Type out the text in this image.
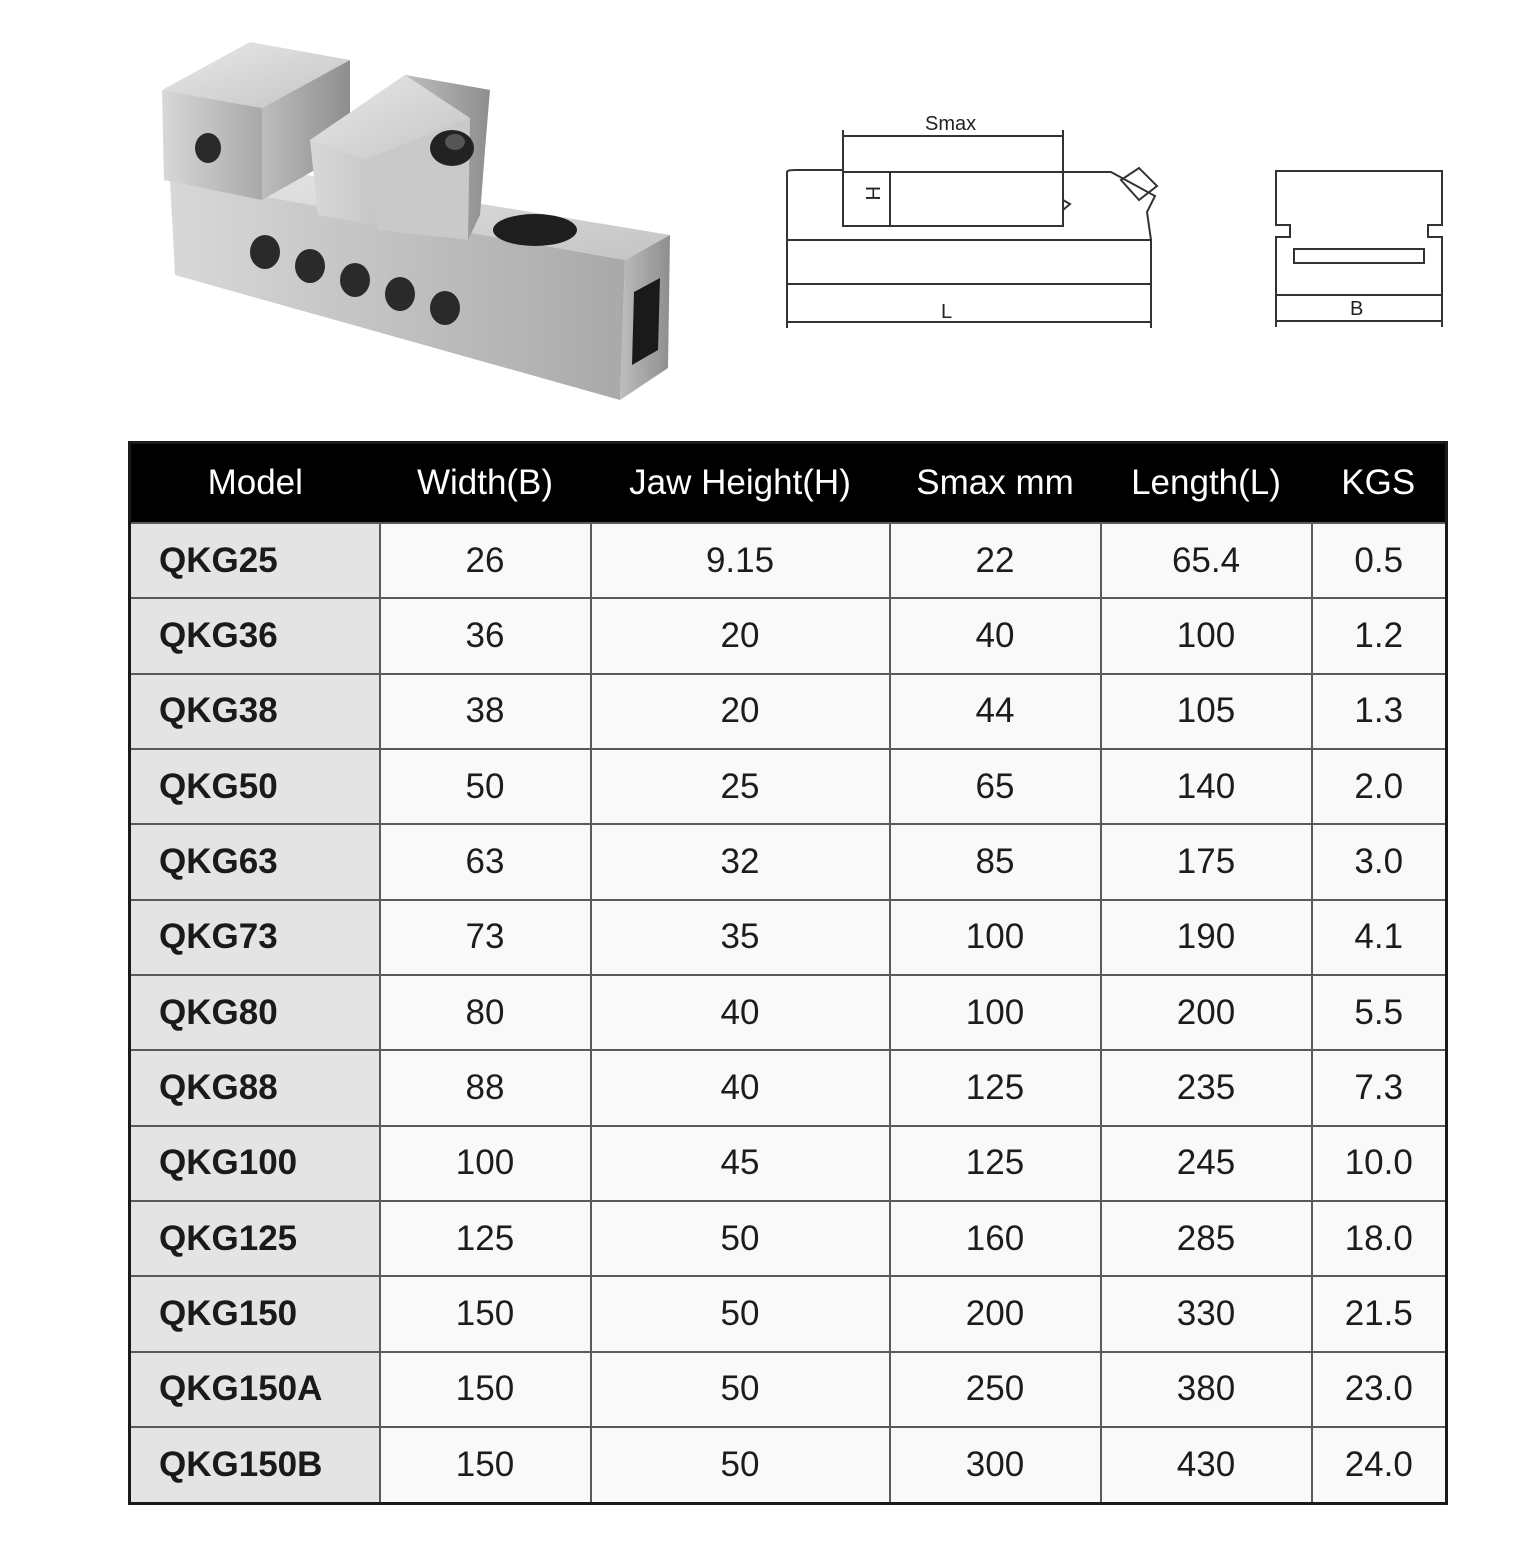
Smax
H
L	B
Model	Width(B)	Jaw Height(H)	Smax mm	Length(L)	KGS
QKG25	26	9.15	22	65.4	0.5
QKG36	36	20	40	100	1.2
QKG38	38	20	44	105	1.3
QKG50	50	25	65	140	2.0
QKG63	63	32	85	175	3.0
QKG73	73	35	100	190	4.1
QKG80	80	40	100	200	5.5
QKG88	88	40	125	235	7.3
QKG100	100	45	125	245	10.0
QKG125	125	50	160	285	18.0
QKG150	150	50	200	330	21.5
QKG150A	150	50	250	380	23.0
QKG150B	150	50	300	430	24.0
